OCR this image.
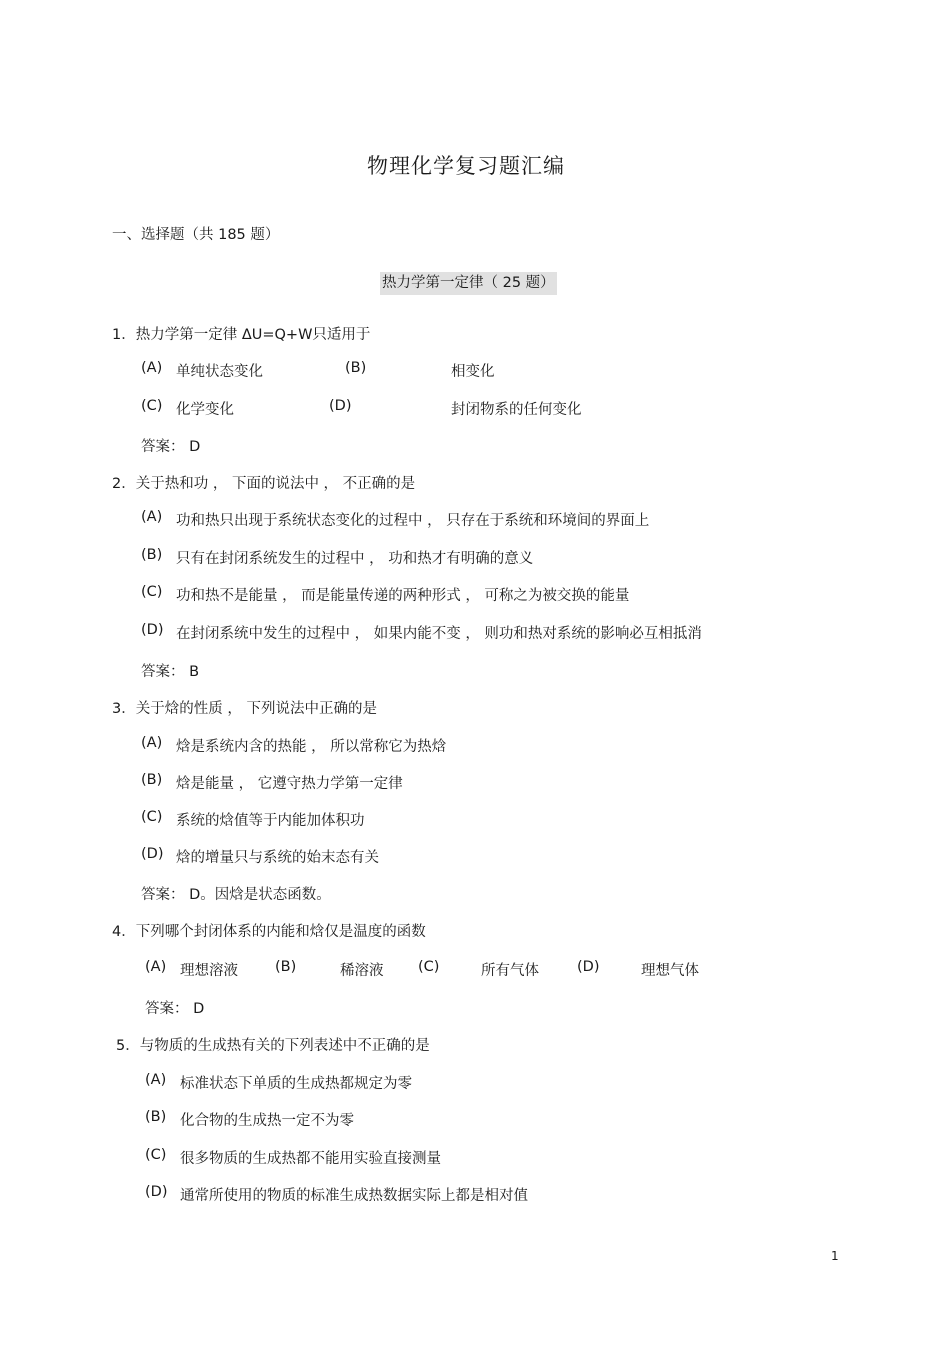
物理化学复习题汇编
一、选择题（共 185 题）
热力学第一定律（ 25 题）
1．热力学第一定律 ΔU=Q+W只适用于
(A) 单纯状态变化	(B)	相变化
(C) 化学变化	(D)	封闭物系的任何变化
答案： D
2．关于热和功 ， 下面的说法中 ， 不正确的是
(A) 功和热只出现于系统状态变化的过程中 ， 只存在于系统和环境间的界面上
(B) 只有在封闭系统发生的过程中 ， 功和热才有明确的意义
(C) 功和热不是能量 ， 而是能量传递的两种形式 ， 可称之为被交换的能量
(D) 在封闭系统中发生的过程中 ， 如果内能不变 ， 则功和热对系统的影响必互相抵消
答案： B
3．关于焓的性质 ， 下列说法中正确的是
(A) 焓是系统内含的热能 ， 所以常称它为热焓
(B) 焓是能量 ， 它遵守热力学第一定律
(C) 系统的焓值等于内能加体积功
(D) 焓的增量只与系统的始末态有关
答案： D。因焓是状态函数。
4．下列哪个封闭体系的内能和焓仅是温度的函数
(A) 理想溶液	(B)	稀溶液 (C)	所有气体	(D)	理想气体
答案： D
5．与物质的生成热有关的下列表述中不正确的是
(A) 标准状态下单质的生成热都规定为零
(B) 化合物的生成热一定不为零
(C) 很多物质的生成热都不能用实验直接测量
(D) 通常所使用的物质的标准生成热数据实际上都是相对值
1
